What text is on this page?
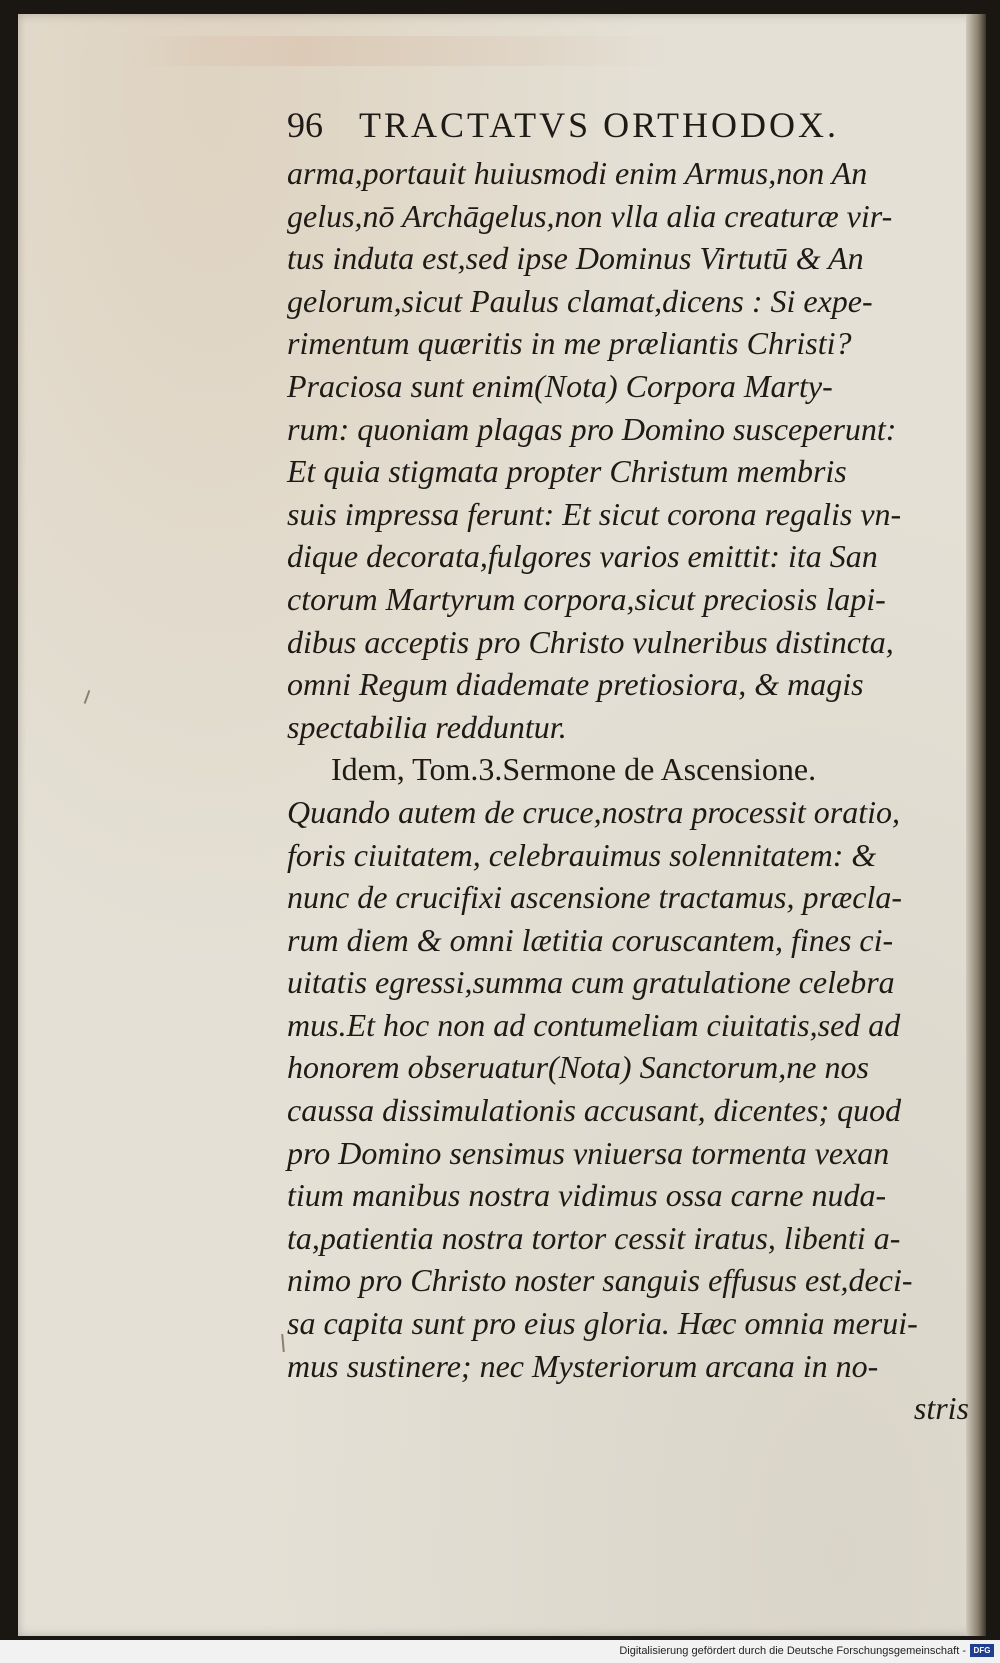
96	TRACTATVS ORTHODOX.
arma,portauit huiusmodi enim Armus,non An
gelus,nō Archāgelus,non vlla alia creaturæ vir-
tus induta est,sed ipse Dominus Virtutū & An
gelorum,sicut Paulus clamat,dicens : Si expe-
rimentum quæritis in me præliantis Christi?
Praciosa sunt enim(Nota) Corpora Marty-
rum: quoniam plagas pro Domino susceperunt:
Et quia stigmata propter Christum membris
suis impressa ferunt: Et sicut corona regalis vn-
dique decorata,fulgores varios emittit: ita San
ctorum Martyrum corpora,sicut preciosis lapi-
dibus acceptis pro Christo vulneribus distincta,
omni Regum diademate pretiosiora, & magis
spectabilia redduntur.
Idem, Tom.3.Sermone de Ascensione.
Quando autem de cruce,nostra processit oratio,
foris ciuitatem, celebrauimus solennitatem: &
nunc de crucifixi ascensione tractamus, præcla-
rum diem & omni lætitia coruscantem, fines ci-
uitatis egressi,summa cum gratulatione celebra
mus.Et hoc non ad contumeliam ciuitatis,sed ad
honorem obseruatur(Nota) Sanctorum,ne nos
caussa dissimulationis accusant, dicentes; quod
pro Domino sensimus vniuersa tormenta vexan
tium manibus nostra vidimus ossa carne nuda-
ta,patientia nostra tortor cessit iratus, libenti a-
nimo pro Christo noster sanguis effusus est,deci-
sa capita sunt pro eius gloria. Hæc omnia merui-
mus sustinere; nec Mysteriorum arcana in no-
stris
Digitalisierung gefördert durch die Deutsche Forschungsgemeinschaft - DFG
